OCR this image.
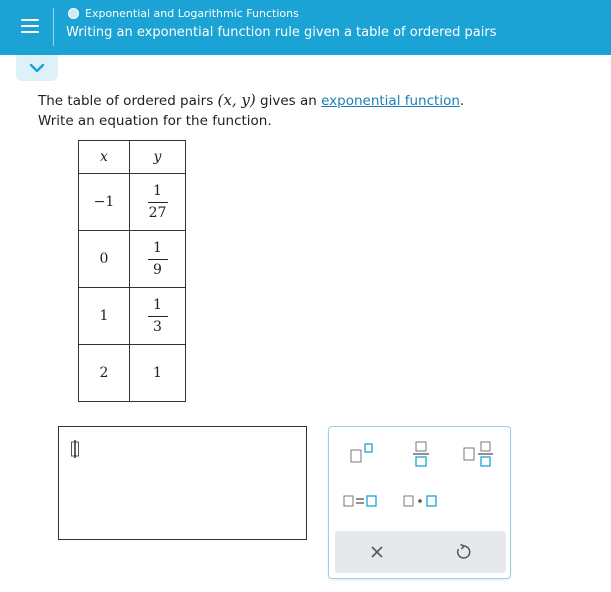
Exponential and Logarithmic Functions
Writing an exponential function rule given a table of ordered pairs
The table of ordered pairs (x, y) gives an exponential function.
Write an equation for the function.
x	y
−1	$\frac{1}{27}$

0	$\frac{1}{9}$

1	$\frac{1}{3}$

2	1
